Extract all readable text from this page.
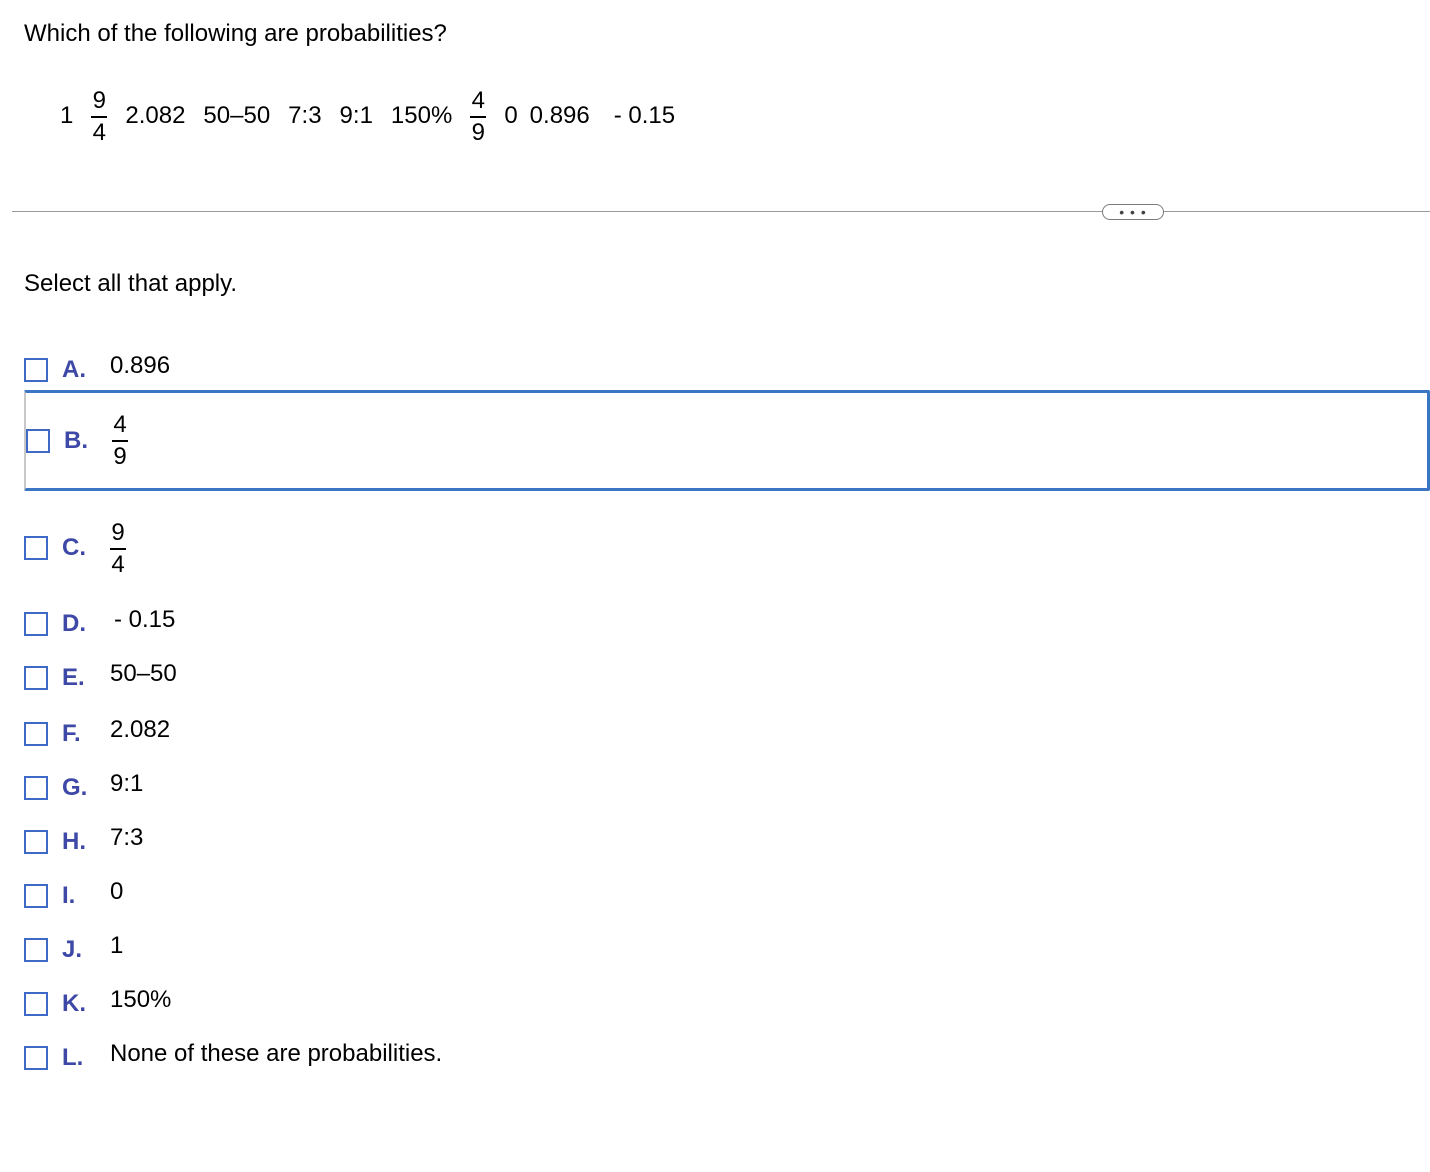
Which of the following are probabilities?
$1 \frac{9}{4} 2.082$ 50–50 7:3 9:1 $150\% \frac{4}{9} 0$ 0.896 - 0.15
• • •
Select all that apply.
A.	0.896
B.	$\frac{4}{9}$
C.	$\frac{9}{4}$
D.	- 0.15
E.	50–50
F.	2.082
G. 9:1
H.	7:3
I.	0
J.	1
K.	150%
L.	None of these are probabilities.
